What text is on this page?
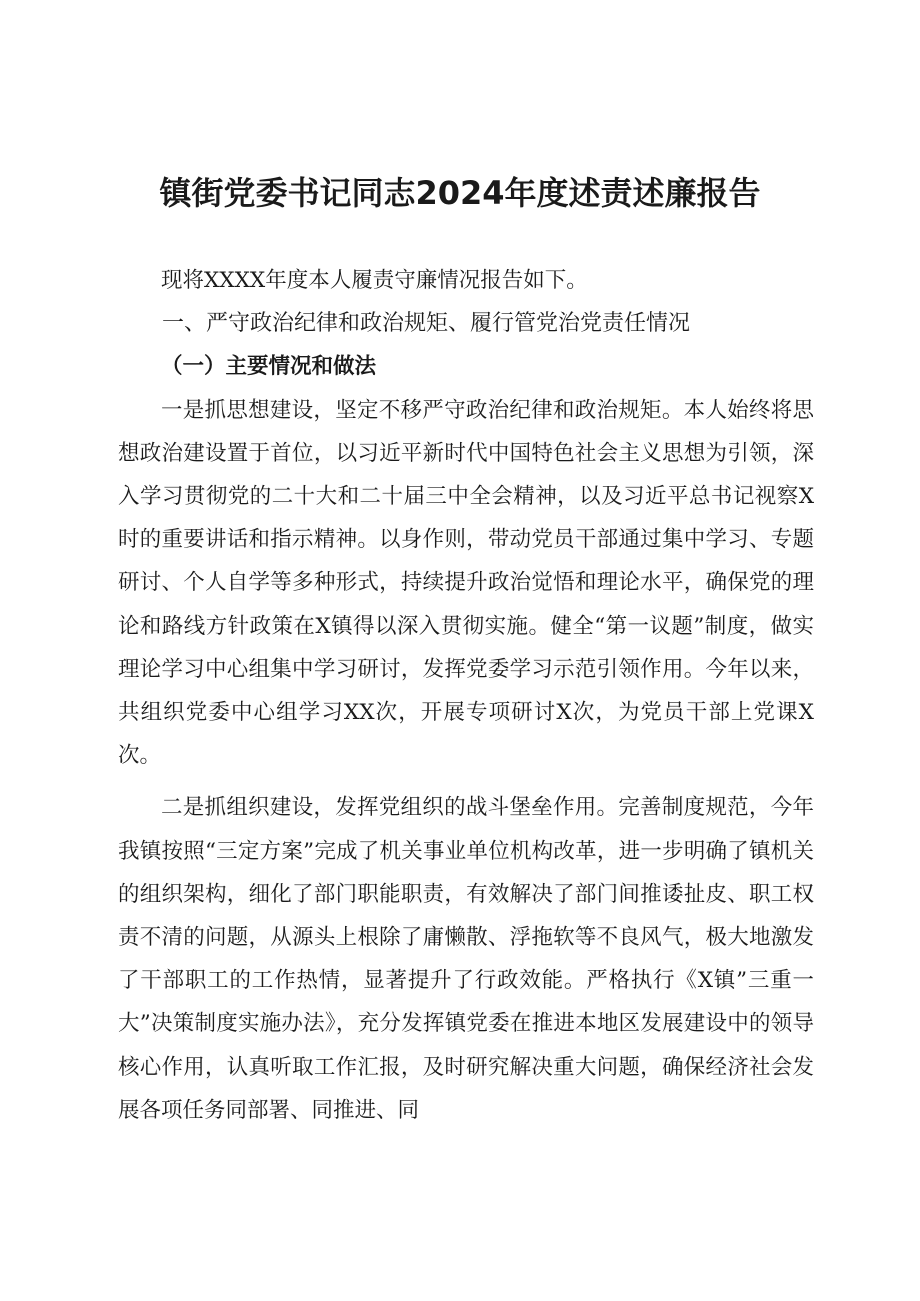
镇街党委书记同志2024年度述责述廉报告

现将XXXX年度本人履责守廉情况报告如下。

一、严守政治纪律和政治规矩、履行管党治党责任情况

（一）主要情况和做法

一是抓思想建设，坚定不移严守政治纪律和政治规矩。本人始终将思想政治建设置于首位，以习近平新时代中国特色社会主义思想为引领，深入学习贯彻党的二十大和二十届三中全会精神，以及习近平总书记视察X时的重要讲话和指示精神。以身作则，带动党员干部通过集中学习、专题研讨、个人自学等多种形式，持续提升政治觉悟和理论水平，确保党的理论和路线方针政策在X镇得以深入贯彻实施。健全“第一议题”制度，做实理论学习中心组集中学习研讨，发挥党委学习示范引领作用。今年以来，共组织党委中心组学习XX次，开展专项研讨X次，为党员干部上党课X次。

二是抓组织建设，发挥党组织的战斗堡垒作用。完善制度规范，今年我镇按照“三定方案”完成了机关事业单位机构改革，进一步明确了镇机关的组织架构，细化了部门职能职责，有效解决了部门间推诿扯皮、职工权责不清的问题，从源头上根除了庸懒散、浮拖软等不良风气，极大地激发了干部职工的工作热情，显著提升了行政效能。严格执行《X镇”三重一大”决策制度实施办法》，充分发挥镇党委在推进本地区发展建设中的领导核心作用，认真听取工作汇报，及时研究解决重大问题，确保经济社会发展各项任务同部署、同推进、同
